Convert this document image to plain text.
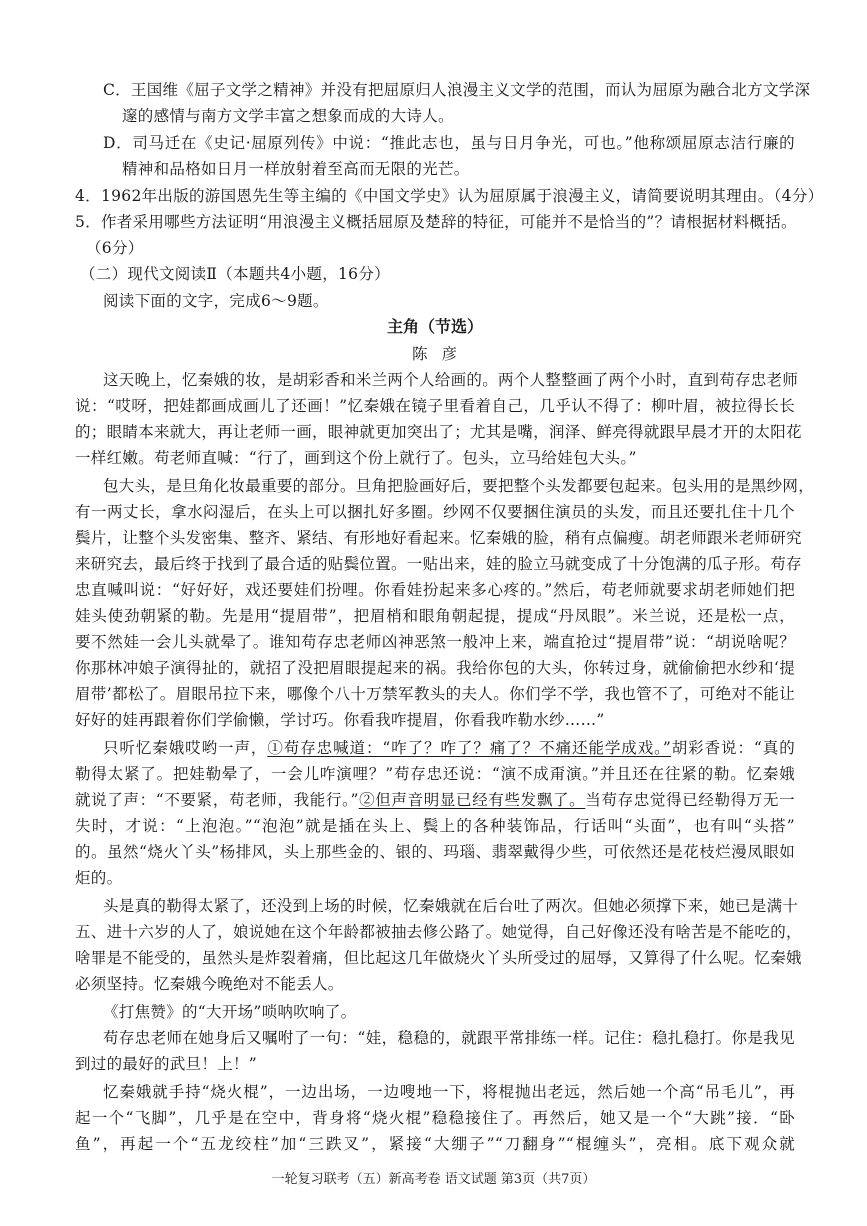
C．王国维《屈子文学之精神》并没有把屈原归人浪漫主义文学的范围，而认为屈原为融合北方文学深
邃的感情与南方文学丰富之想象而成的大诗人。
D．司马迁在《史记·屈原列传》中说：“推此志也，虽与日月争光，可也。”他称颂屈原志洁行廉的
精神和品格如日月一样放射着至高而无限的光芒。
4．1962年出版的游国恩先生等主编的《中国文学史》认为屈原属于浪漫主义，请简要说明其理由。（4分）
5．作者采用哪些方法证明“用浪漫主义概括屈原及楚辞的特征，可能并不是恰当的”？请根据材料概括。
（6分）
（二）现代文阅读Ⅱ（本题共4小题，16分）
阅读下面的文字，完成6～9题。
主角（节选）
陈彦
这天晚上，忆秦娥的妆，是胡彩香和米兰两个人给画的。两个人整整画了两个小时，直到苟存忠老师
说：“哎呀，把娃都画成画儿了还画！”忆秦娥在镜子里看着自己，几乎认不得了：柳叶眉，被拉得长长
的；眼睛本来就大，再让老师一画，眼神就更加突出了；尤其是嘴，润泽、鲜亮得就跟早晨才开的太阳花
一样红嫩。苟老师直喊：“行了，画到这个份上就行了。包头，立马给娃包大头。”
包大头，是旦角化妆最重要的部分。旦角把脸画好后，要把整个头发都要包起来。包头用的是黑纱网，
有一两丈长，拿水闷湿后，在头上可以捆扎好多圈。纱网不仅要捆住演员的头发，而且还要扎住十几个
鬓片，让整个头发密集、整齐、紧结、有形地好看起来。忆秦娥的脸，稍有点偏瘦。胡老师跟米老师研究
来研究去，最后终于找到了最合适的贴鬓位置。一贴出来，娃的脸立马就变成了十分饱满的瓜子形。苟存
忠直喊叫说：“好好好，戏还要娃们扮哩。你看娃扮起来多心疼的。”然后，苟老师就要求胡老师她们把
娃头使劲朝紧的勒。先是用“提眉带”，把眉梢和眼角朝起提，提成“丹凤眼”。米兰说，还是松一点，
要不然娃一会儿头就晕了。谁知苟存忠老师凶神恶煞一般冲上来，端直抢过“提眉带”说：“胡说啥呢？
你那林冲娘子演得扯的，就招了没把眉眼提起来的祸。我给你包的大头，你转过身，就偷偷把水纱和‘提
眉带’都松了。眉眼吊拉下来，哪像个八十万禁军教头的夫人。你们学不学，我也管不了，可绝对不能让
好好的娃再跟着你们学偷懒，学讨巧。你看我咋提眉，你看我咋勒水纱……”
只听忆秦娥哎哟一声，①苟存忠喊道：“咋了？咋了？痛了？不痛还能学成戏。”胡彩香说：“真的
勒得太紧了。把娃勒晕了，一会儿咋演哩？”苟存忠还说：“演不成甭演。”并且还在往紧的勒。忆秦娥
就说了声：“不要紧，苟老师，我能行。”②但声音明显已经有些发飘了。当苟存忠觉得已经勒得万无一
失时，才说：“上泡泡。”“泡泡”就是插在头上、鬓上的各种装饰品，行话叫“头面”，也有叫“头搭”
的。虽然“烧火丫头”杨排风，头上那些金的、银的、玛瑙、翡翠戴得少些，可依然还是花枝烂漫凤眼如
炬的。
头是真的勒得太紧了，还没到上场的时候，忆秦娥就在后台吐了两次。但她必须撑下来，她已是满十
五、进十六岁的人了，娘说她在这个年龄都被抽去修公路了。她觉得，自己好像还没有啥苦是不能吃的，
啥罪是不能受的，虽然头是炸裂着痛，但比起这几年做烧火丫头所受过的屈辱，又算得了什么呢。忆秦娥
必须坚持。忆秦娥今晚绝对不能丢人。
《打焦赞》的“大开场”唢呐吹响了。
苟存忠老师在她身后又嘱咐了一句：“娃，稳稳的，就跟平常排练一样。记住：稳扎稳打。你是我见
到过的最好的武旦！上！”
忆秦娥就手持“烧火棍”，一边出场，一边嗖地一下，将棍抛出老远，然后她一个高“吊毛儿”，再
起一个“飞脚”，几乎是在空中，背身将“烧火棍”稳稳接住了。再然后，她又是一个“大跳”接．“卧
鱼”，再起一个“五龙绞柱”加“三跌叉”，紧接“大绷子”“刀翻身”“棍缠头”，亮相。底下观众就
一轮复习联考（五）新高考卷 语文试题 第3页（共7页）
